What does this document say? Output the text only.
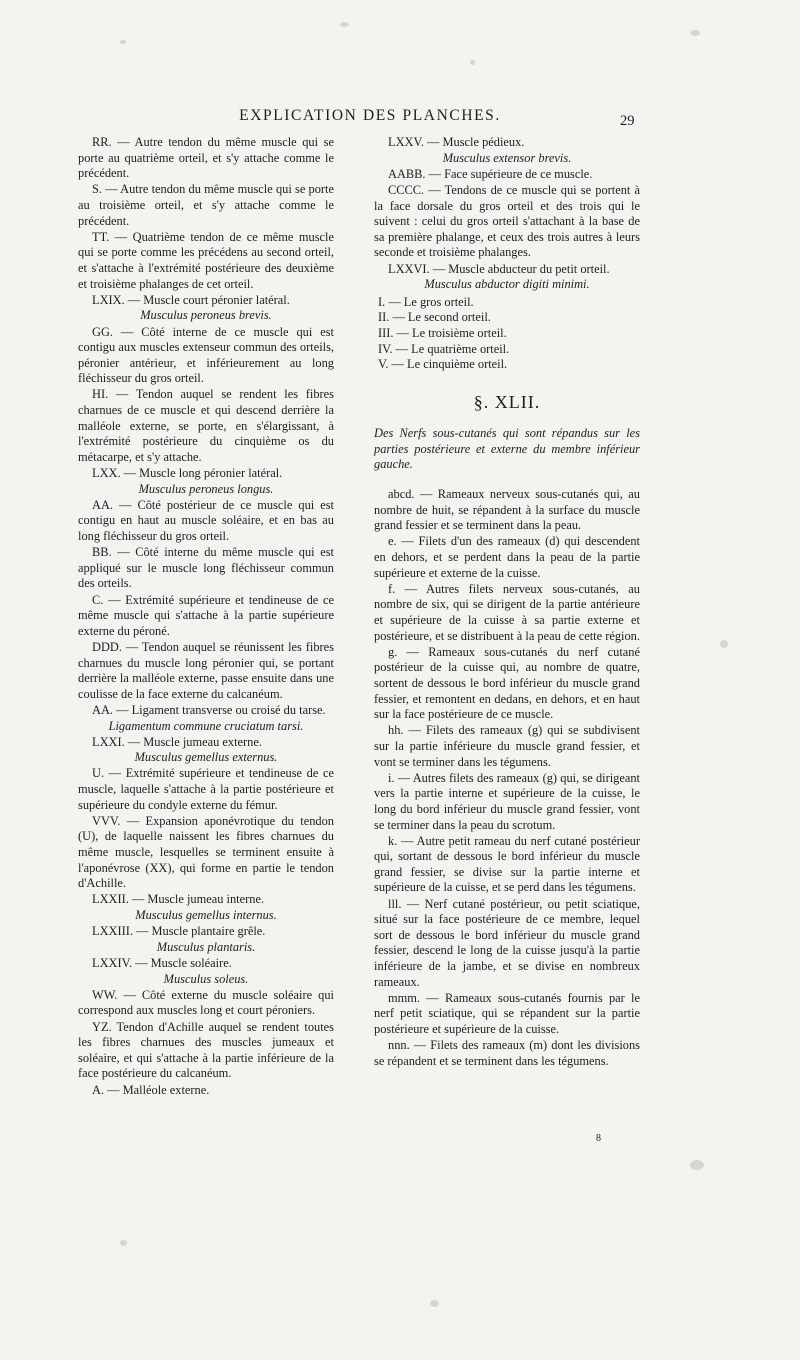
EXPLICATION DES PLANCHES.	29

RR. — Autre tendon du même muscle qui se porte au quatrième orteil, et s'y attache comme le précédent.

S. — Autre tendon du même muscle qui se porte au troisième orteil, et s'y attache comme le précédent.

TT. — Quatrième tendon de ce même muscle qui se porte comme les précédens au second orteil, et s'attache à l'extrémité postérieure des deuxième et troisième phalanges de cet orteil.

LXIX. — Muscle court péronier latéral.
Musculus peroneus brevis.

GG. — Côté interne de ce muscle qui est contigu aux muscles extenseur commun des orteils, péronier antérieur, et inférieurement au long fléchisseur du gros orteil.

HI. — Tendon auquel se rendent les fibres charnues de ce muscle et qui descend derrière la malléole externe, se porte, en s'élargissant, à l'extrémité postérieure du cinquième os du métacarpe, et s'y attache.

LXX. — Muscle long péronier latéral.
Musculus peroneus longus.

AA. — Côté postérieur de ce muscle qui est contigu en haut au muscle soléaire, et en bas au long fléchisseur du gros orteil.

BB. — Côté interne du même muscle qui est appliqué sur le muscle long fléchisseur commun des orteils.

C. — Extrémité supérieure et tendineuse de ce même muscle qui s'attache à la partie supérieure externe du péroné.

DDD. — Tendon auquel se réunissent les fibres charnues du muscle long péronier qui, se portant derrière la malléole externe, passe ensuite dans une coulisse de la face externe du calcanéum.

AA. — Ligament transverse ou croisé du tarse.
Ligamentum commune cruciatum tarsi.

LXXI. — Muscle jumeau externe.
Musculus gemellus externus.

U. — Extrémité supérieure et tendineuse de ce muscle, laquelle s'attache à la partie postérieure et supérieure du condyle externe du fémur.

VVV. — Expansion aponévrotique du tendon (U), de laquelle naissent les fibres charnues du même muscle, lesquelles se terminent ensuite à l'aponévrose (XX), qui forme en partie le tendon d'Achille.

LXXII. — Muscle jumeau interne.
Musculus gemellus internus.

LXXIII. — Muscle plantaire grêle.
Musculus plantaris.

LXXIV. — Muscle soléaire.
Musculus soleus.

WW. — Côté externe du muscle soléaire qui correspond aux muscles long et court péroniers.

YZ. Tendon d'Achille auquel se rendent toutes les fibres charnues des muscles jumeaux et soléaire, et qui s'attache à la partie inférieure de la face postérieure du calcanéum.

A. — Malléole externe.

LXXV. — Muscle pédieux.
Musculus extensor brevis.

AABB. — Face supérieure de ce muscle.

CCCC. — Tendons de ce muscle qui se portent à la face dorsale du gros orteil et des trois qui le suivent : celui du gros orteil s'attachant à la base de sa première phalange, et ceux des trois autres à leurs seconde et troisième phalanges.

LXXVI. — Muscle abducteur du petit orteil.
Musculus abductor digiti minimi.

I. — Le gros orteil.
II. — Le second orteil.
III. — Le troisième orteil.
IV. — Le quatrième orteil.
V. — Le cinquième orteil.
§. XLII.
Des Nerfs sous-cutanés qui sont répandus sur les parties postérieure et externe du membre inférieur gauche.

abcd. — Rameaux nerveux sous-cutanés qui, au nombre de huit, se répandent à la surface du muscle grand fessier et se terminent dans la peau.

e. — Filets d'un des rameaux (d) qui descendent en dehors, et se perdent dans la peau de la partie supérieure et externe de la cuisse.

f. — Autres filets nerveux sous-cutanés, au nombre de six, qui se dirigent de la partie antérieure et supérieure de la cuisse à sa partie externe et postérieure, et se distribuent à la peau de cette région.

g. — Rameaux sous-cutanés du nerf cutané postérieur de la cuisse qui, au nombre de quatre, sortent de dessous le bord inférieur du muscle grand fessier, et remontent en dedans, en dehors, et en haut sur la face postérieure de ce muscle.

hh. — Filets des rameaux (g) qui se subdivisent sur la partie inférieure du muscle grand fessier, et vont se terminer dans les tégumens.

i. — Autres filets des rameaux (g) qui, se dirigeant vers la partie interne et supérieure de la cuisse, le long du bord inférieur du muscle grand fessier, vont se terminer dans la peau du scrotum.

k. — Autre petit rameau du nerf cutané postérieur qui, sortant de dessous le bord inférieur du muscle grand fessier, se divise sur la partie interne et supérieure de la cuisse, et se perd dans les tégumens.

lll. — Nerf cutané postérieur, ou petit sciatique, situé sur la face postérieure de ce membre, lequel sort de dessous le bord inférieur du muscle grand fessier, descend le long de la cuisse jusqu'à la partie inférieure de la jambe, et se divise en nombreux rameaux.

mmm. — Rameaux sous-cutanés fournis par le nerf petit sciatique, qui se répandent sur la partie postérieure et supérieure de la cuisse.

nnn. — Filets des rameaux (m) dont les divisions se répandent et se terminent dans les tégumens.

8
